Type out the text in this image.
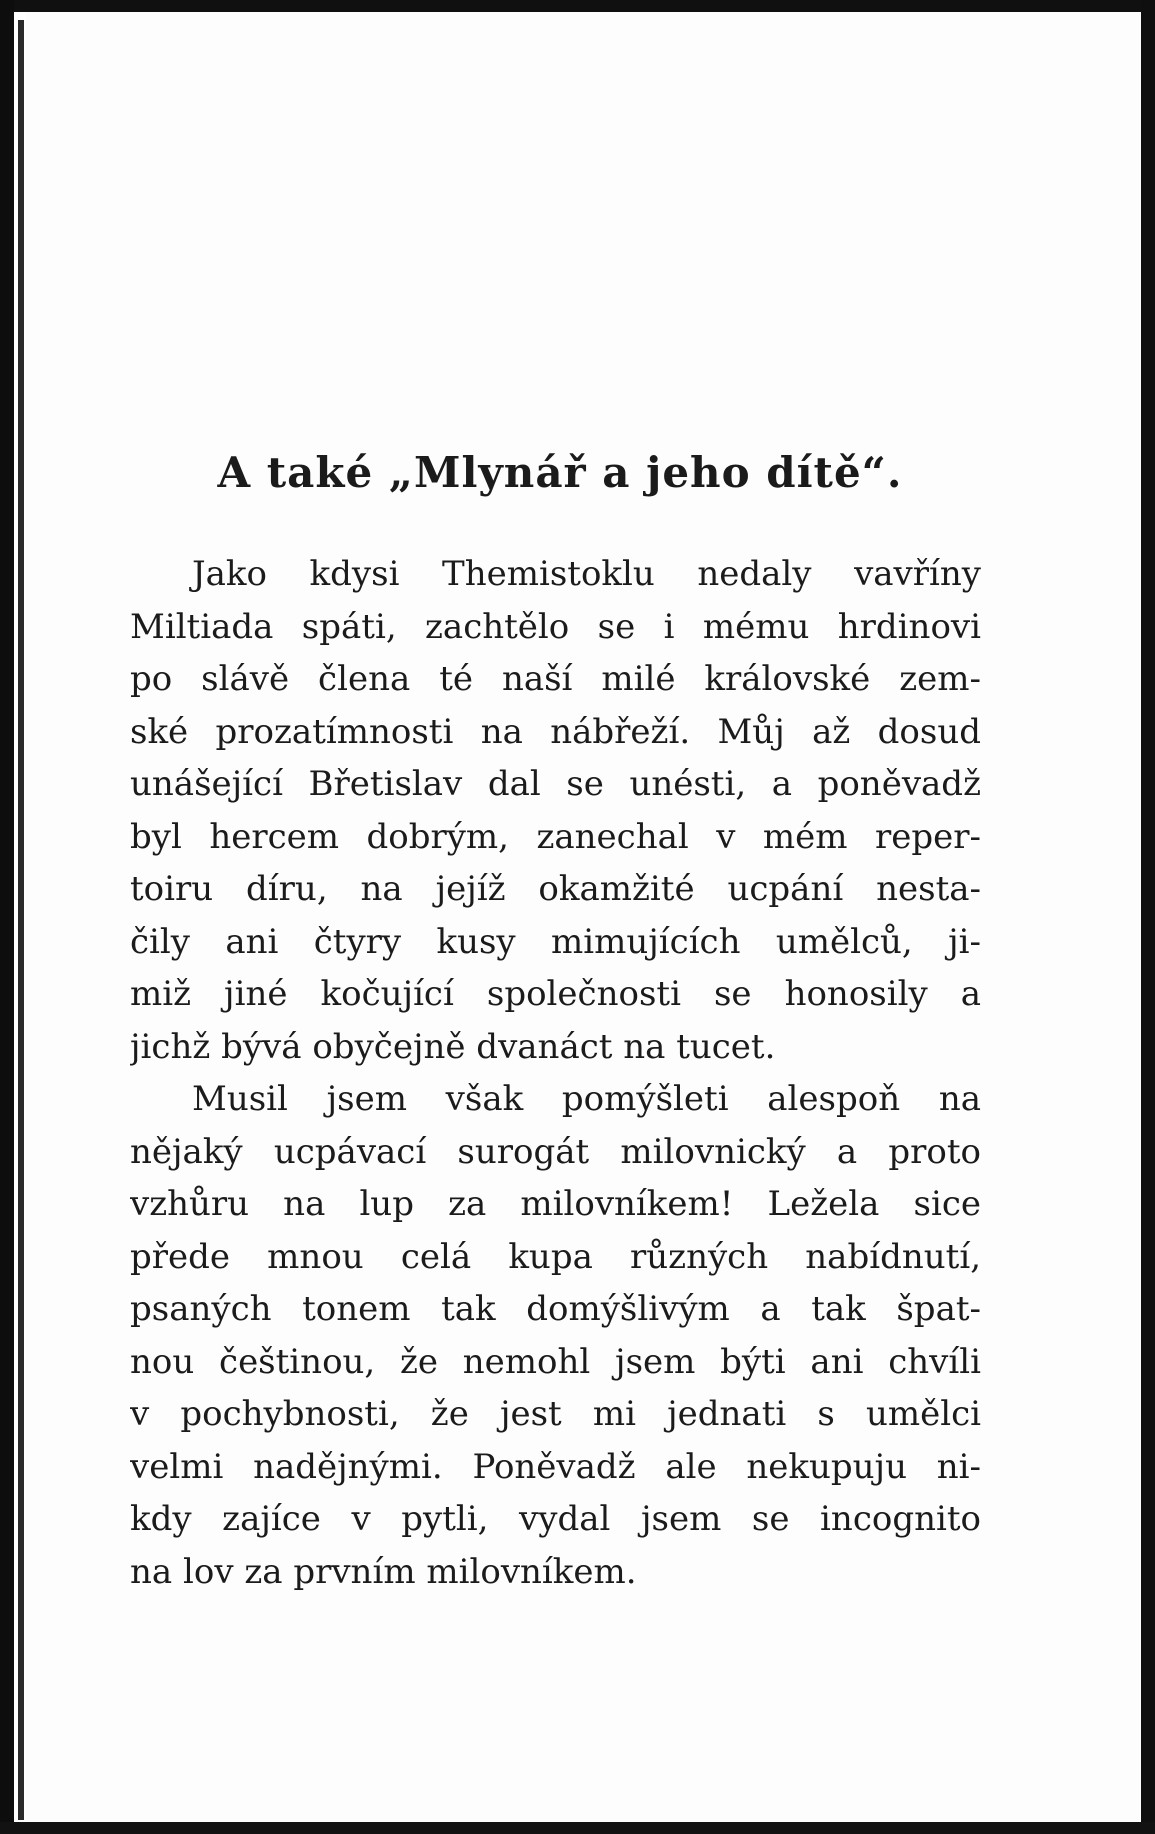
A také „Mlynář a jeho dítě“.
Jako kdysi Themistoklu nedaly vavříny
Miltiada spáti, zachtělo se i mému hrdinovi
po slávě člena té naší milé královské zem-
ské prozatímnosti na nábřeží. Můj až dosud
unášející Břetislav dal se unésti, a poněvadž
byl hercem dobrým, zanechal v mém reper-
toiru díru, na jejíž okamžité ucpání nesta-
čily ani čtyry kusy mimujících umělců, ji-
miž jiné kočující společnosti se honosily a
jichž bývá obyčejně dvanáct na tucet.
Musil jsem však pomýšleti alespoň na
nějaký ucpávací surogát milovnický a proto
vzhůru na lup za milovníkem! Ležela sice
přede mnou celá kupa různých nabídnutí,
psaných tonem tak domýšlivým a tak špat-
nou češtinou, že nemohl jsem býti ani chvíli
v pochybnosti, že jest mi jednati s umělci
velmi nadějnými. Poněvadž ale nekupuju ni-
kdy zajíce v pytli, vydal jsem se incognito
na lov za prvním milovníkem.
